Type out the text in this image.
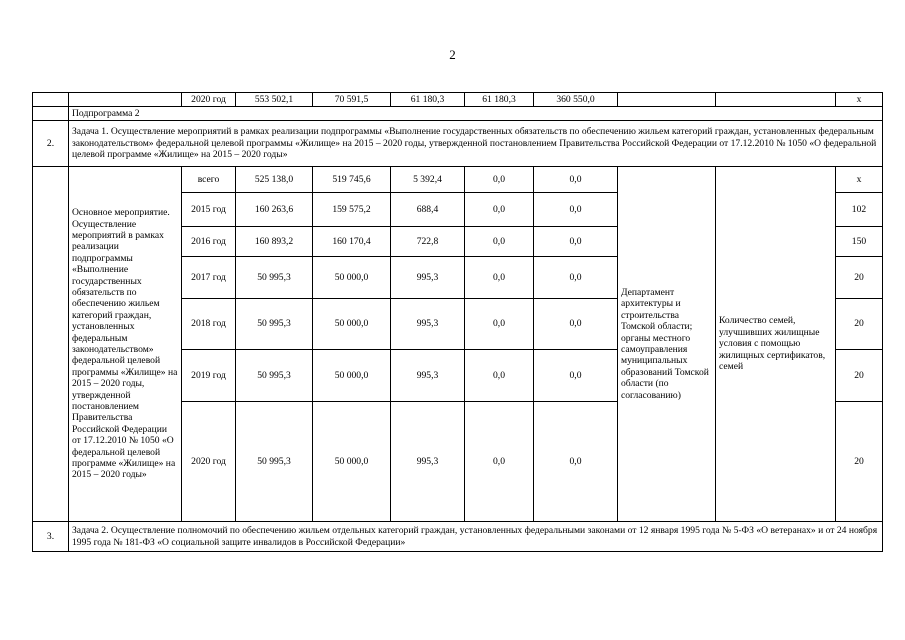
2
		2020 год	553 502,1	70 591,5	61 180,3	61 180,3	360 550,0			x
	Подпрограмма 2									
2.	Задача 1. Осуществление мероприятий в рамках реализации подпрограммы «Выполнение государственных обязательств по обеспечению жильем категорий граждан, установленных федеральным законодательством» федеральной целевой программы «Жилище» на 2015 – 2020 годы, утвержденной постановлением Правительства Российской Федерации от 17.12.2010 № 1050 «О федеральной целевой программе «Жилище» на 2015 – 2020 годы»									
	Основное мероприятие. Осуществление мероприятий в рамках реализации подпрограммы «Выполнение государственных обязательств по обеспечению жильем категорий граждан, установленных федеральным законодательством» федеральной целевой программы «Жилище» на 2015 – 2020 годы, утвержденной постановлением Правительства Российской Федерации от 17.12.2010 № 1050 «О федеральной целевой программе «Жилище» на 2015 – 2020 годы»	всего	525 138,0	519 745,6	5 392,4	0,0	0,0	Департамент архитектуры и строительства Томской области; органы местного самоуправления муниципальных образований Томской области (по согласованию)	Количество семей, улучшивших жилищные условия с помощью жилищных сертификатов, семей	x
		2015 год	160 263,6	159 575,2	688,4	0,0	0,0			102
		2016 год	160 893,2	160 170,4	722,8	0,0	0,0			150
		2017 год	50 995,3	50 000,0	995,3	0,0	0,0			20
		2018 год	50 995,3	50 000,0	995,3	0,0	0,0			20
		2019 год	50 995,3	50 000,0	995,3	0,0	0,0			20
		2020 год	50 995,3	50 000,0	995,3	0,0	0,0			20
3.	Задача 2. Осуществление полномочий по обеспечению жильем отдельных категорий граждан, установленных федеральными законами от 12 января 1995 года № 5-ФЗ «О ветеранах» и от 24 ноября 1995 года № 181-ФЗ «О социальной защите инвалидов в Российской Федерации»									
